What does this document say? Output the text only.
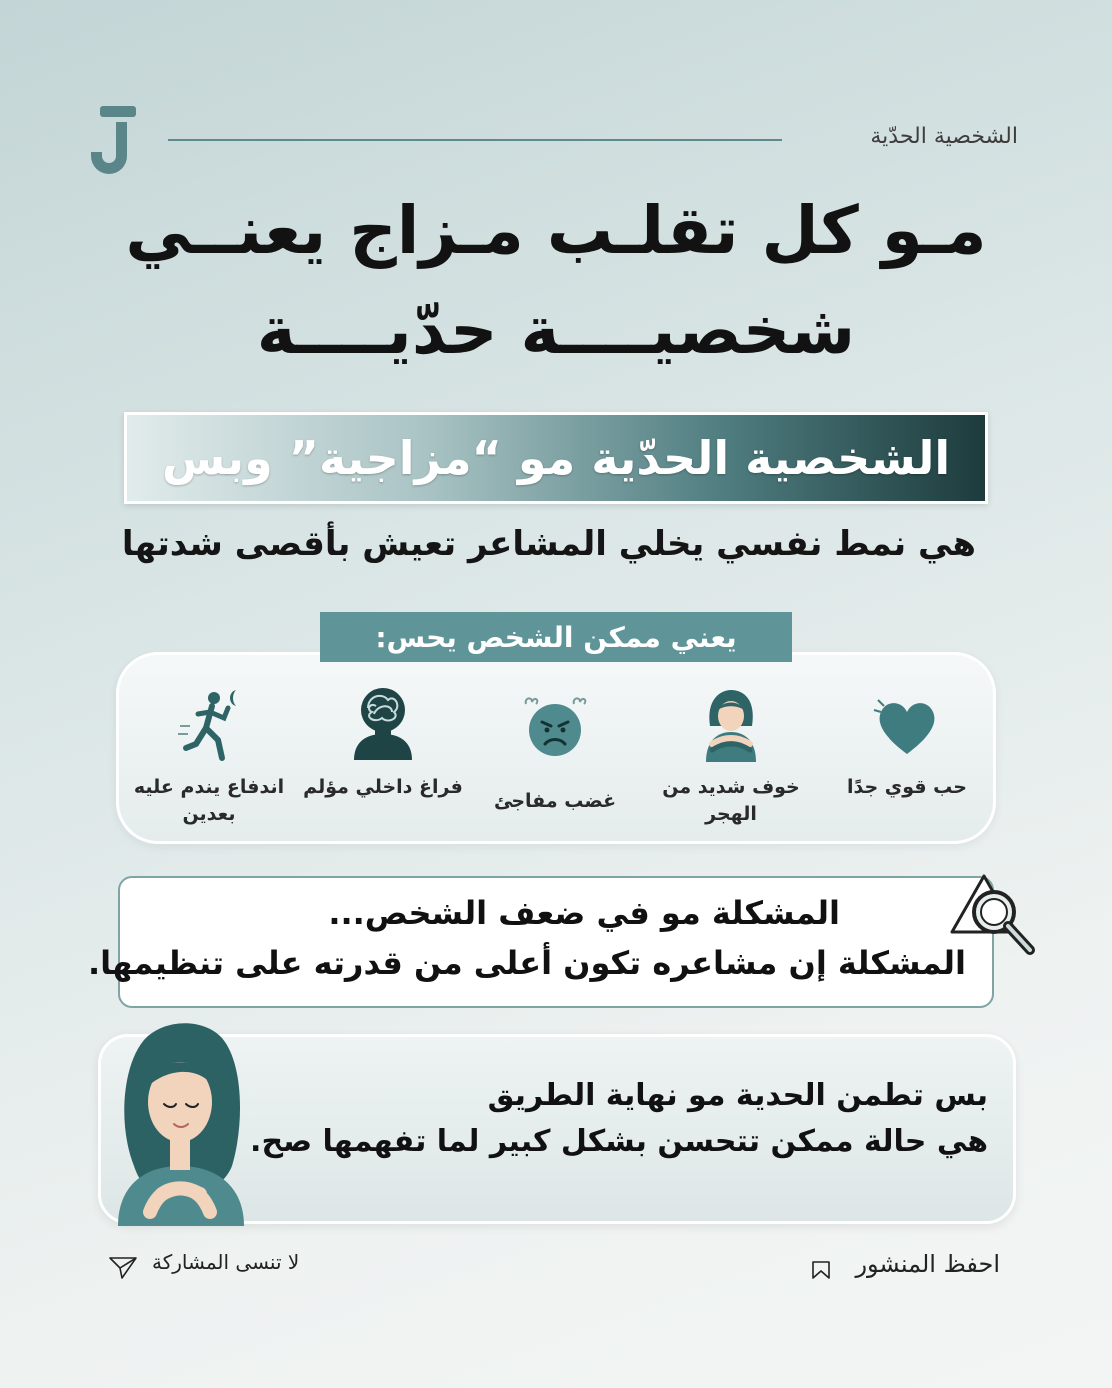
الشخصية الحدّية
مـو كل تقلـب مـزاج يعنــي
شخصيــــة حدّيــــة
الشخصية الحدّية مو “مزاجية” وبس
هي نمط نفسي يخلي المشاعر تعيش بأقصى شدتها
يعني ممكن الشخص يحس:
حب قوي جدًا
خوف شديد من الهجر
غضب مفاجئ
فراغ داخلي مؤلم
اندفاع يندم عليه بعدين
المشكلة مو في ضعف الشخص...
المشكلة إن مشاعره تكون أعلى من قدرته على تنظيمها.
بس تطمن الحدية مو نهاية الطريق
هي حالة ممكن تتحسن بشكل كبير لما تفهمها صح.
احفظ المنشور
لا تنسى المشاركة
